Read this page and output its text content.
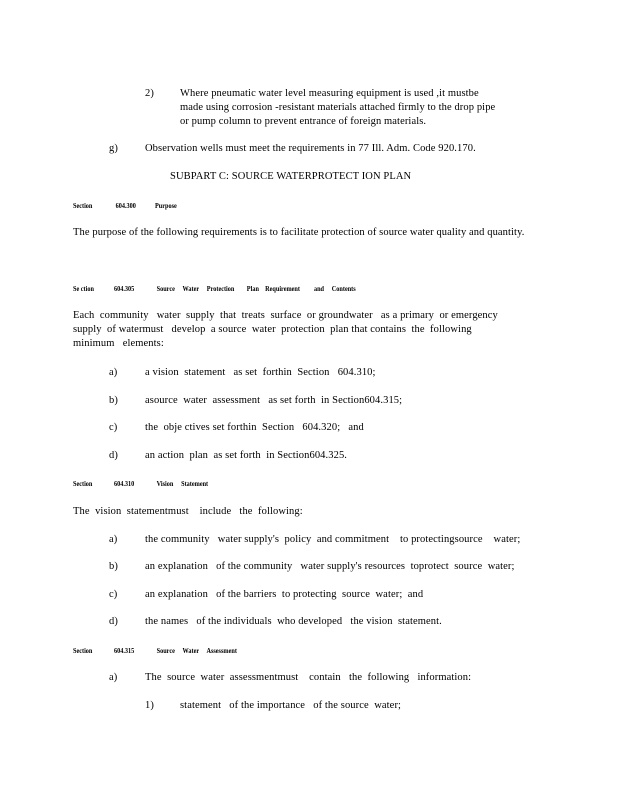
2) Where pneumatic water level measuring equipment is used ,it mustbe
made using corrosion -resistant materials attached firmly to the drop pipe
or pump column to prevent entrance of foreign materials.
g)	Observation wells must meet the requirements in 77 Ill. Adm. Code 920.170.
SUBPART C: SOURCE WATERPROTECT ION PLAN
Section	604.300	Purpose
The purpose of the following requirements is to facilitate protection of source water quality and quantity.
Se ction	604.305	Source     Water     Protection        Plan    Requirement         and     Contents
Each  community   water  supply  that  treats  surface  or groundwater   as a primary  or emergency
supply  of watermust   develop  a source  water  protection  plan that contains  the  following
minimum   elements:
a)	a vision  statement   as set  forthin  Section   604.310;
b)	asource  water  assessment   as set forth  in Section604.315;
c)	the  obje ctives set forthin  Section   604.320;   and
d)	an action  plan  as set forth  in Section604.325.
Section	604.310	Vision     Statement
The  vision  statementmust    include   the  following:
a)	the community   water supply's  policy  and commitment    to protectingsource    water;
b)	an explanation   of the community   water supply's resources  toprotect  source  water;
c)	an explanation   of the barriers  to protecting  source  water;  and
d)	the names   of the individuals  who developed   the vision  statement.
Section	604.315	Source     Water     Assessment
a)	The  source  water  assessmentmust    contain   the  following   information:
1) statement   of the importance   of the source  water;
